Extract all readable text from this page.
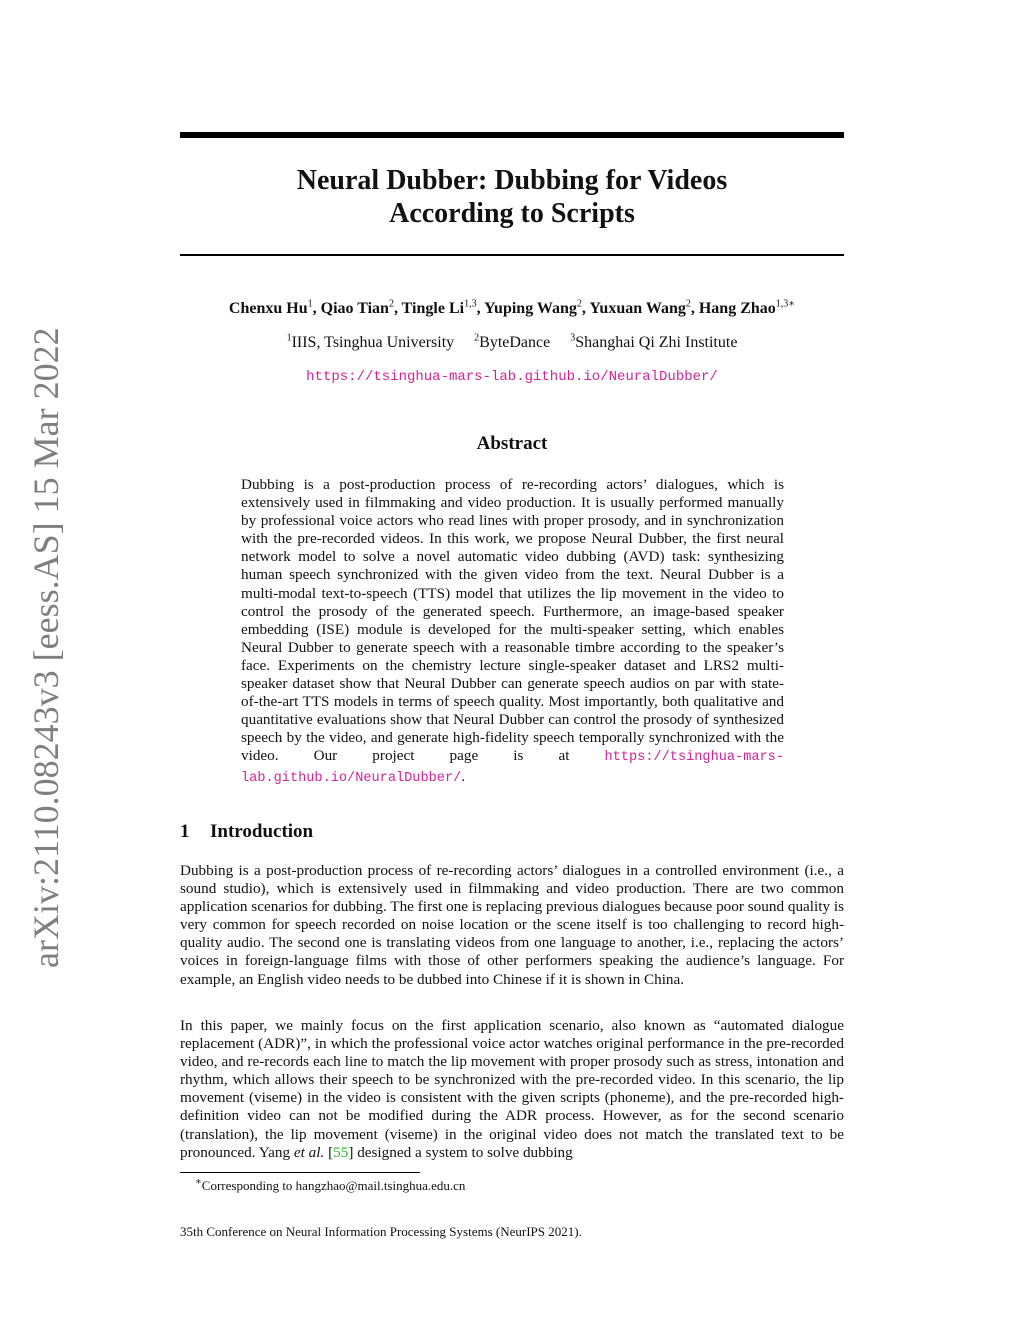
arXiv:2110.08243v3 [eess.AS] 15 Mar 2022
Neural Dubber: Dubbing for Videos
According to Scripts
Chenxu Hu$^1$, Qiao Tian$^2$, Tingle Li$^{1,3}$, Yuping Wang$^2$, Yuxuan Wang$^2$, Hang Zhao$^{1,3∗}$
$^1$IIIS, Tsinghua University $^2$ByteDance $^3$Shanghai Qi Zhi Institute
https://tsinghua-mars-lab.github.io/NeuralDubber/
Abstract

Dubbing is a post-production process of re-recording actors’ dialogues, which is extensively used in filmmaking and video production. It is usually performed manually by professional voice actors who read lines with proper prosody, and in synchronization with the pre-recorded videos. In this work, we propose Neural Dubber, the first neural network model to solve a novel automatic video dubbing (AVD) task: synthesizing human speech synchronized with the given video from the text. Neural Dubber is a multi-modal text-to-speech (TTS) model that utilizes the lip movement in the video to control the prosody of the generated speech. Furthermore, an image-based speaker embedding (ISE) module is developed for the multi-speaker setting, which enables Neural Dubber to generate speech with a reasonable timbre according to the speaker’s face. Experiments on the chemistry lecture single-speaker dataset and LRS2 multi-speaker dataset show that Neural Dubber can generate speech audios on par with state-of-the-art TTS models in terms of speech quality. Most importantly, both qualitative and quantitative evaluations show that Neural Dubber can control the prosody of synthesized speech by the video, and generate high-fidelity speech temporally synchronized with the video. Our project page is at https://tsinghua-mars-lab.github.io/NeuralDubber/.

1 Introduction

Dubbing is a post-production process of re-recording actors’ dialogues in a controlled environment (i.e., a sound studio), which is extensively used in filmmaking and video production. There are two common application scenarios for dubbing. The first one is replacing previous dialogues because poor sound quality is very common for speech recorded on noise location or the scene itself is too challenging to record high-quality audio. The second one is translating videos from one language to another, i.e., replacing the actors’ voices in foreign-language films with those of other performers speaking the audience’s language. For example, an English video needs to be dubbed into Chinese if it is shown in China.

In this paper, we mainly focus on the first application scenario, also known as “automated dialogue replacement (ADR)”, in which the professional voice actor watches original performance in the pre-recorded video, and re-records each line to match the lip movement with proper prosody such as stress, intonation and rhythm, which allows their speech to be synchronized with the pre-recorded video. In this scenario, the lip movement (viseme) in the video is consistent with the given scripts (phoneme), and the pre-recorded high-definition video can not be modified during the ADR process. However, as for the second scenario (translation), the lip movement (viseme) in the original video does not match the translated text to be pronounced. Yang et al. [55] designed a system to solve dubbing

∗Corresponding to hangzhao@mail.tsinghua.edu.cn
35th Conference on Neural Information Processing Systems (NeurIPS 2021).
